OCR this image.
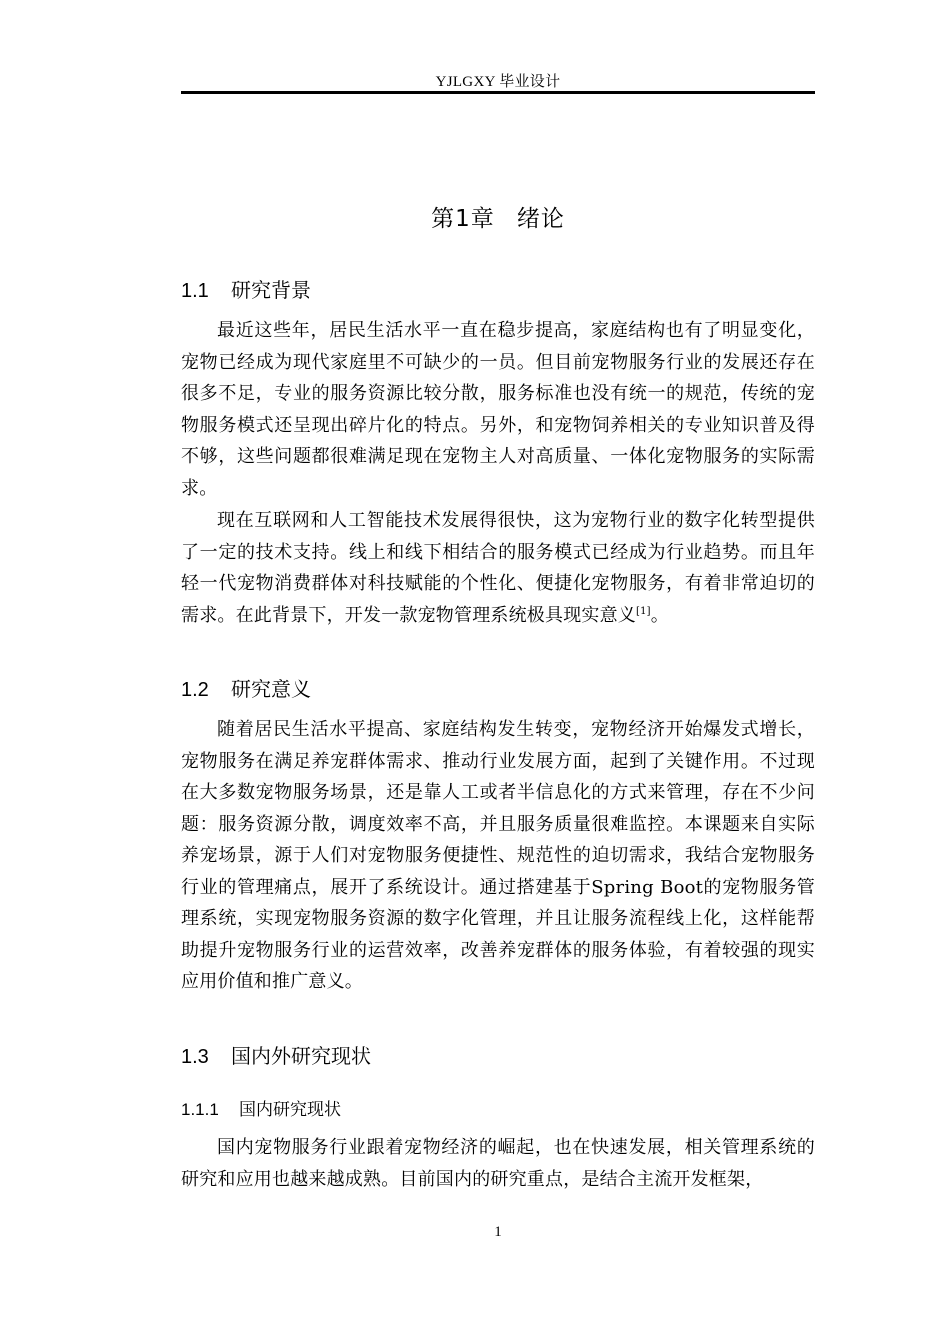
YJLGXY 毕业设计
第1章 绪论
1.1 研究背景

最近这些年，居民生活水平一直在稳步提高，家庭结构也有了明显变化，宠物已经成为现代家庭里不可缺少的一员。但目前宠物服务行业的发展还存在很多不足，专业的服务资源比较分散，服务标准也没有统一的规范，传统的宠物服务模式还呈现出碎片化的特点。另外，和宠物饲养相关的专业知识普及得不够，这些问题都很难满足现在宠物主人对高质量、一体化宠物服务的实际需求。

现在互联网和人工智能技术发展得很快，这为宠物行业的数字化转型提供了一定的技术支持。线上和线下相结合的服务模式已经成为行业趋势。而且年轻一代宠物消费群体对科技赋能的个性化、便捷化宠物服务，有着非常迫切的需求。在此背景下，开发一款宠物管理系统极具现实意义[1]。

1.2 研究意义

随着居民生活水平提高、家庭结构发生转变，宠物经济开始爆发式增长，宠物服务在满足养宠群体需求、推动行业发展方面，起到了关键作用。不过现在大多数宠物服务场景，还是靠人工或者半信息化的方式来管理，存在不少问题：服务资源分散，调度效率不高，并且服务质量很难监控。本课题来自实际养宠场景，源于人们对宠物服务便捷性、规范性的迫切需求，我结合宠物服务行业的管理痛点，展开了系统设计。通过搭建基于Spring Boot的宠物服务管理系统，实现宠物服务资源的数字化管理，并且让服务流程线上化，这样能帮助提升宠物服务行业的运营效率，改善养宠群体的服务体验，有着较强的现实应用价值和推广意义。

1.3 国内外研究现状
1.1.1 国内研究现状

国内宠物服务行业跟着宠物经济的崛起，也在快速发展，相关管理系统的研究和应用也越来越成熟。目前国内的研究重点，是结合主流开发框架，

1
